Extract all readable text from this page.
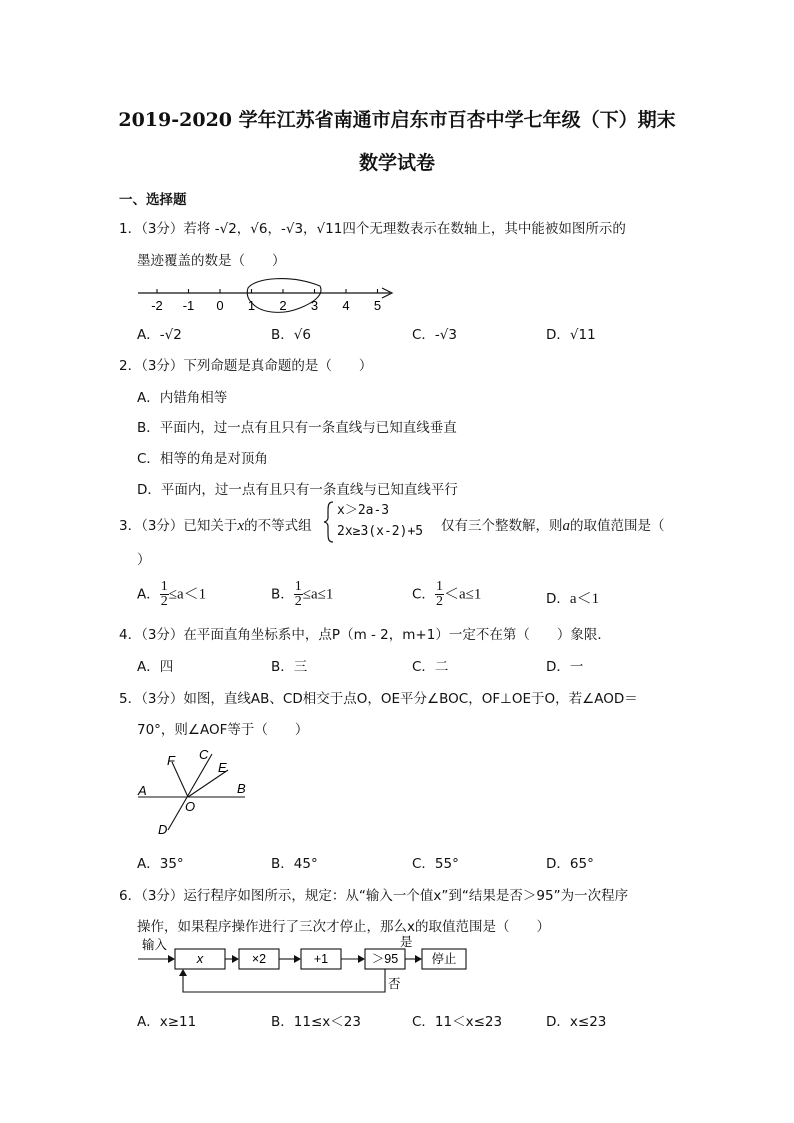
2019-2020 学年江苏省南通市启东市百杏中学七年级（下）期末
数学试卷
一、选择题
1．（3分）若将 -√2，√6，-√3，√11四个无理数表示在数轴上，其中能被如图所示的
墨迹覆盖的数是（　　）
-2 -1 0 1 2 3 4 5
A．-√2	B．√6	C．-√3	D．√11
2．（3分）下列命题是真命题的是（　　）
A．内错角相等
B．平面内，过一点有且只有一条直线与已知直线垂直
C．相等的角是对顶角
D．平面内，过一点有且只有一条直线与已知直线平行
3．（3分）已知关于x的不等式组
x＞2a-3
2x≥3(x-2)+5 仅有三个整数解，则a的取值范围是（
）
A． $\frac{1}{2} \le a<1$	B． $\frac{1}{2} \le a\le 1$	C． $\frac{1}{2} <a\le 1$	D．a＜1
4．（3分）在平面直角坐标系中，点P（m - 2，m+1）一定不在第（　　）象限．
A．四	B．三	C．二	D．一
5．（3分）如图，直线AB、CD相交于点O，OE平分∠BOC，OF⊥OE于O，若∠AOD＝
70°，则∠AOF等于（　　）
A	B
C
D
E
F
O
A．35°	B．45°	C．55°	D．65°
6．（3分）运行程序如图所示，规定：从“输入一个值x”到“结果是否＞95”为一次程序
操作，如果程序操作进行了三次才停止，那么x的取值范围是（　　）
输入
x	×2	+1	＞95
是
停止
否
A．x≥11	B．11≤x＜23	C．11＜x≤23	D．x≤23
